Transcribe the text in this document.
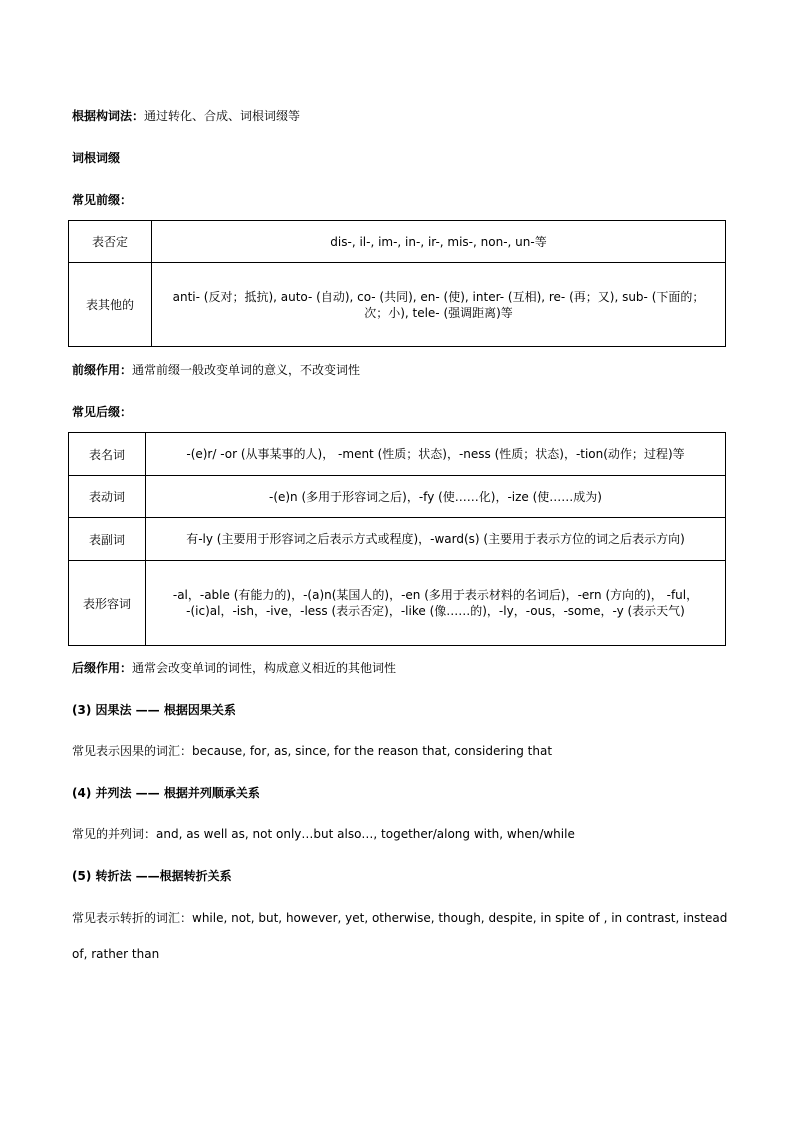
根据构词法：通过转化、合成、词根词缀等
词根词缀
常见前缀：
表否定	dis-, il-, im-, in-, ir-, mis-, non-, un-等
表其他的	anti- (反对；抵抗), auto- (自动), co- (共同), en- (使), inter- (互相), re- (再；又), sub- (下面的；
次；小), tele- (强调距离)等
前缀作用：通常前缀一般改变单词的意义，不改变词性
常见后缀：
表名词	-(e)r/ -or (从事某事的人)， -ment (性质；状态)，-ness (性质；状态)，-tion(动作；过程)等
表动词	-(e)n (多用于形容词之后)，-fy (使……化)，-ize (使……成为)
表副词	有-ly (主要用于形容词之后表示方式或程度)，-ward(s) (主要用于表示方位的词之后表示方向)
表形容词	-al，-able (有能力的)，-(a)n(某国人的)，-en (多用于表示材料的名词后)，-ern (方向的)， -ful，
-(ic)al，-ish，-ive，-less (表示否定)，-like (像……的)，-ly，-ous，-some，-y (表示天气)
后缀作用：通常会改变单词的词性，构成意义相近的其他词性
(3) 因果法 —— 根据因果关系
常见表示因果的词汇：because, for, as, since, for the reason that, considering that
(4) 并列法 —— 根据并列顺承关系
常见的并列词：and, as well as, not only…but also…, together/along with, when/while
(5) 转折法 ——根据转折关系
常见表示转折的词汇：while, not, but, however, yet, otherwise, though, despite, in spite of , in contrast, instead of, rather than
